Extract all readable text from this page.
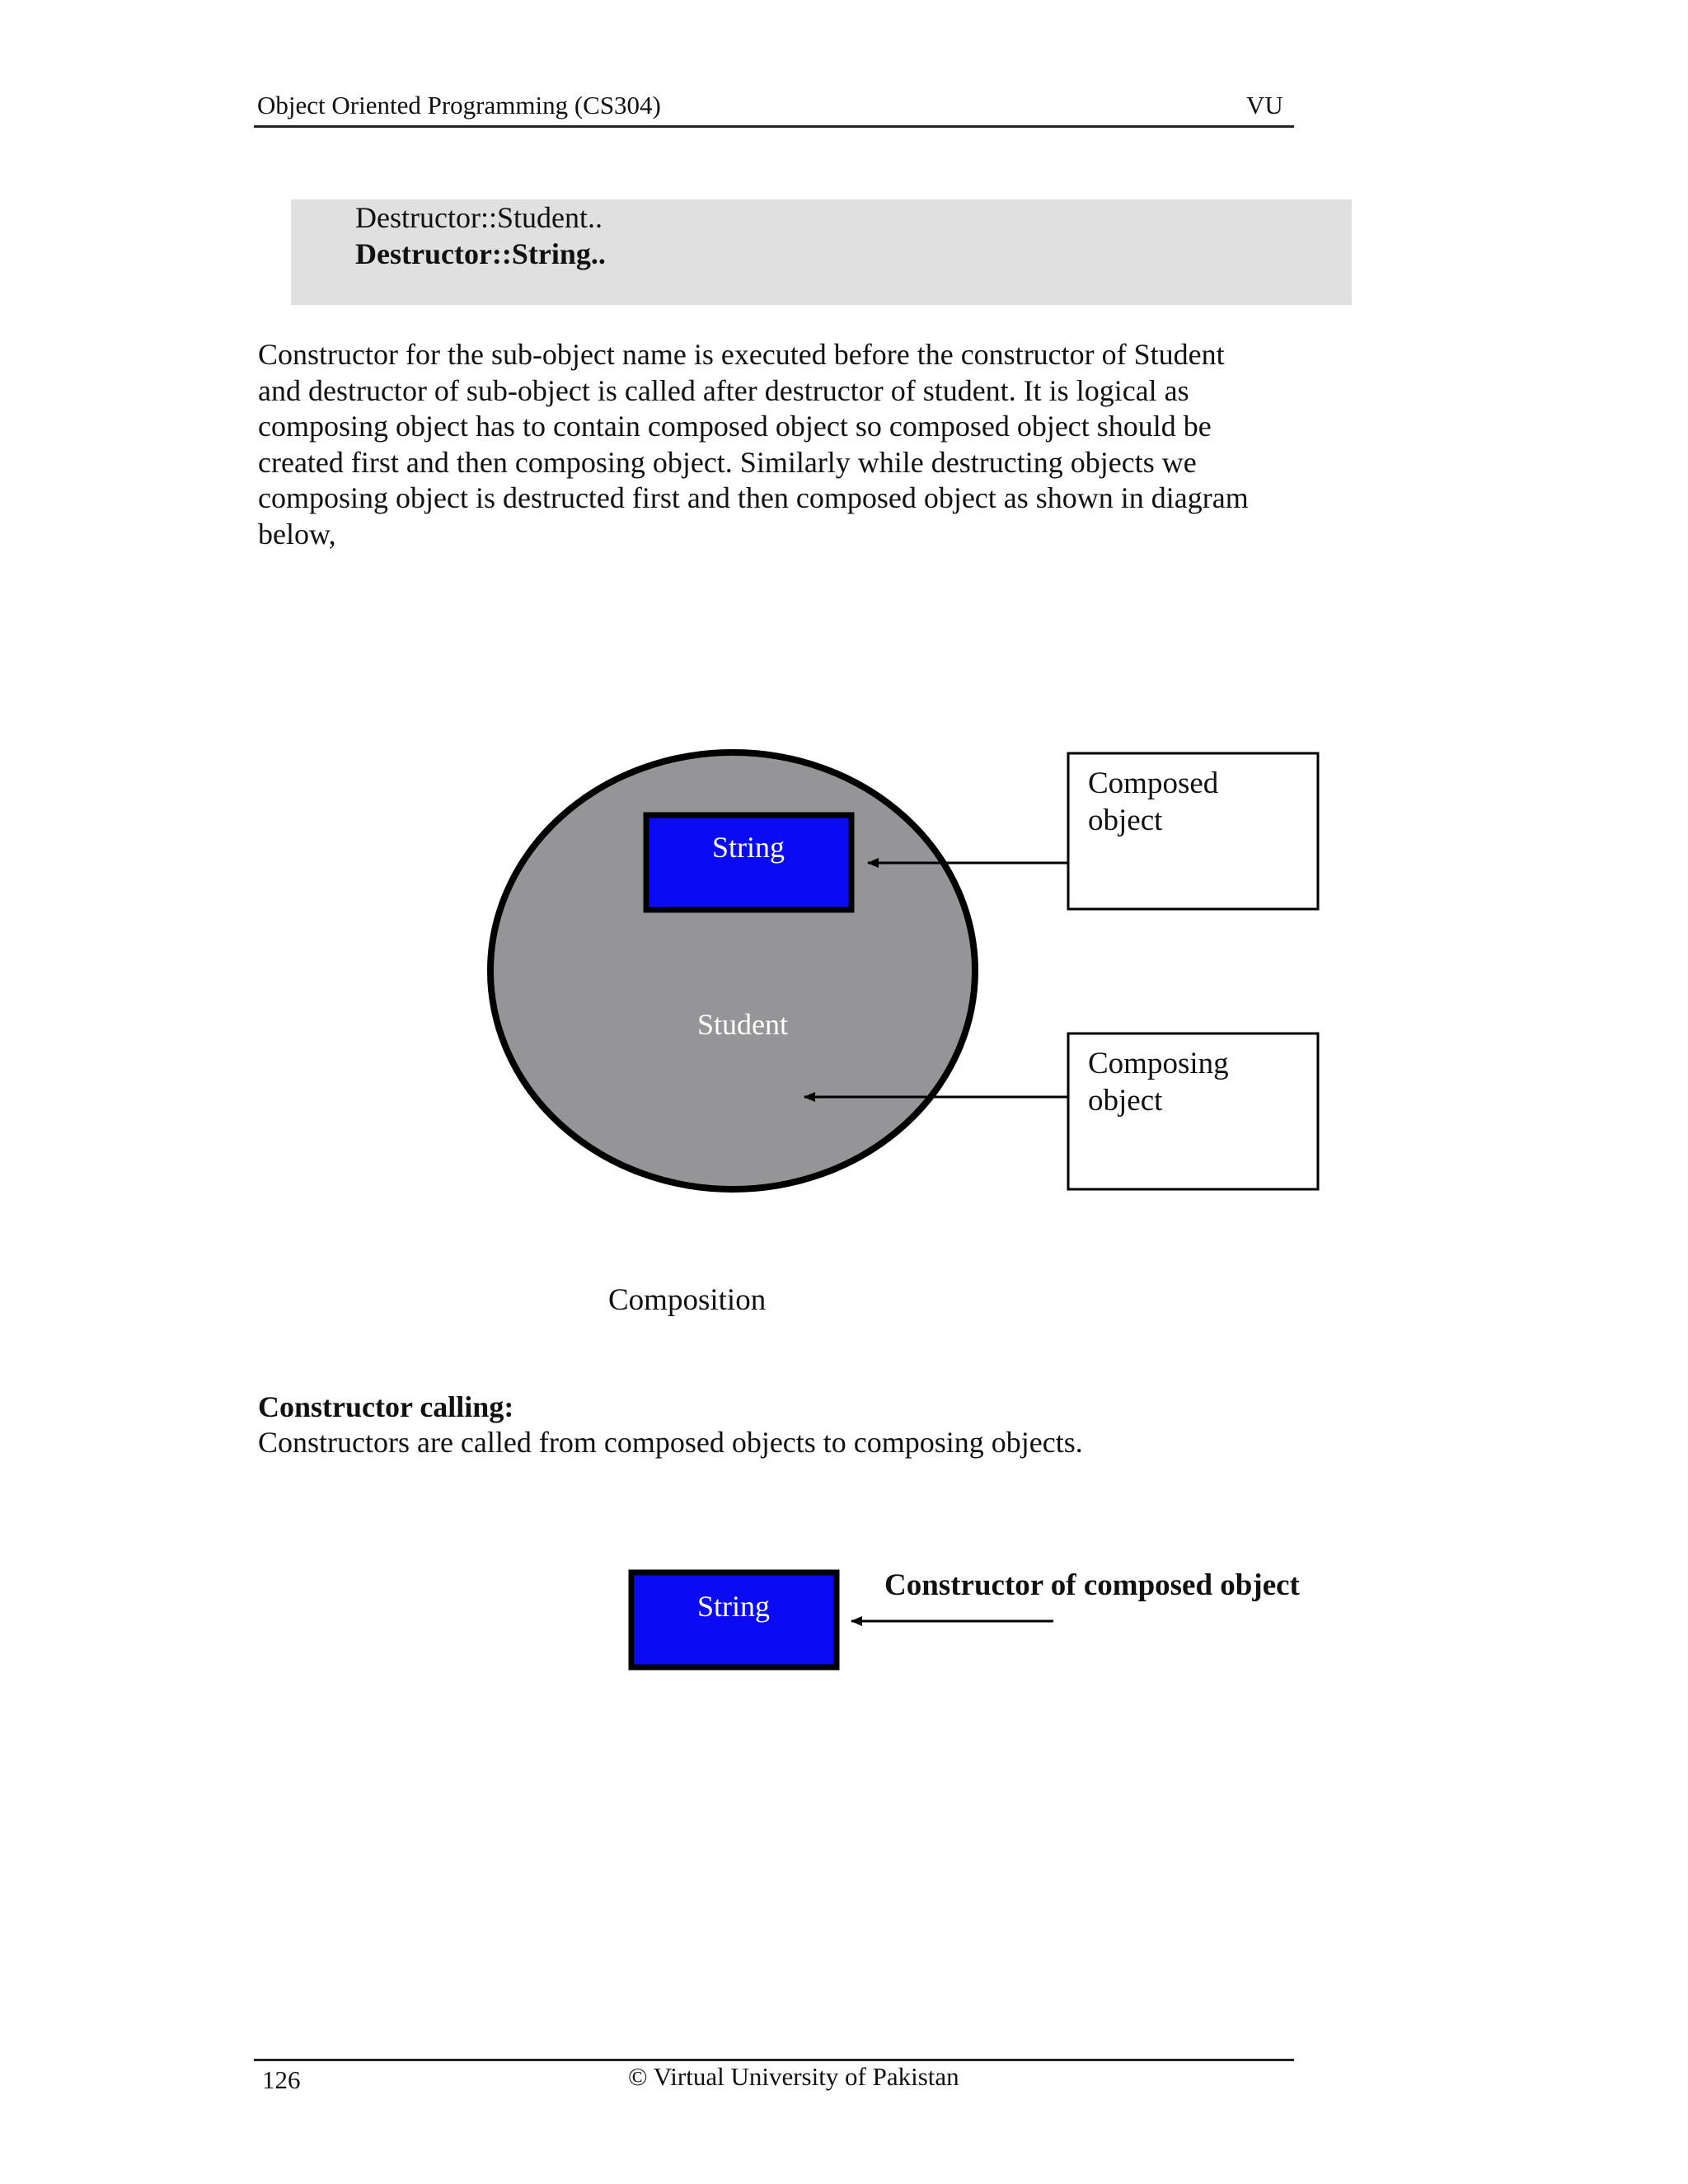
Object Oriented Programming (CS304)	VU
Destructor::Student..
Destructor::String..
Constructor for the sub-object name is executed before the constructor of Student
and destructor of sub-object is called after destructor of student. It is logical as
composing object has to contain composed object so composed object should be
created first and then composing object. Similarly while destructing objects we
composing object is destructed first and then composed object as shown in diagram
below,
String
Student
Composed object
Composing object
String
Composition
Constructor calling:
Constructors are called from composed objects to composing objects.
Constructor of composed object
126	© Virtual University of Pakistan
